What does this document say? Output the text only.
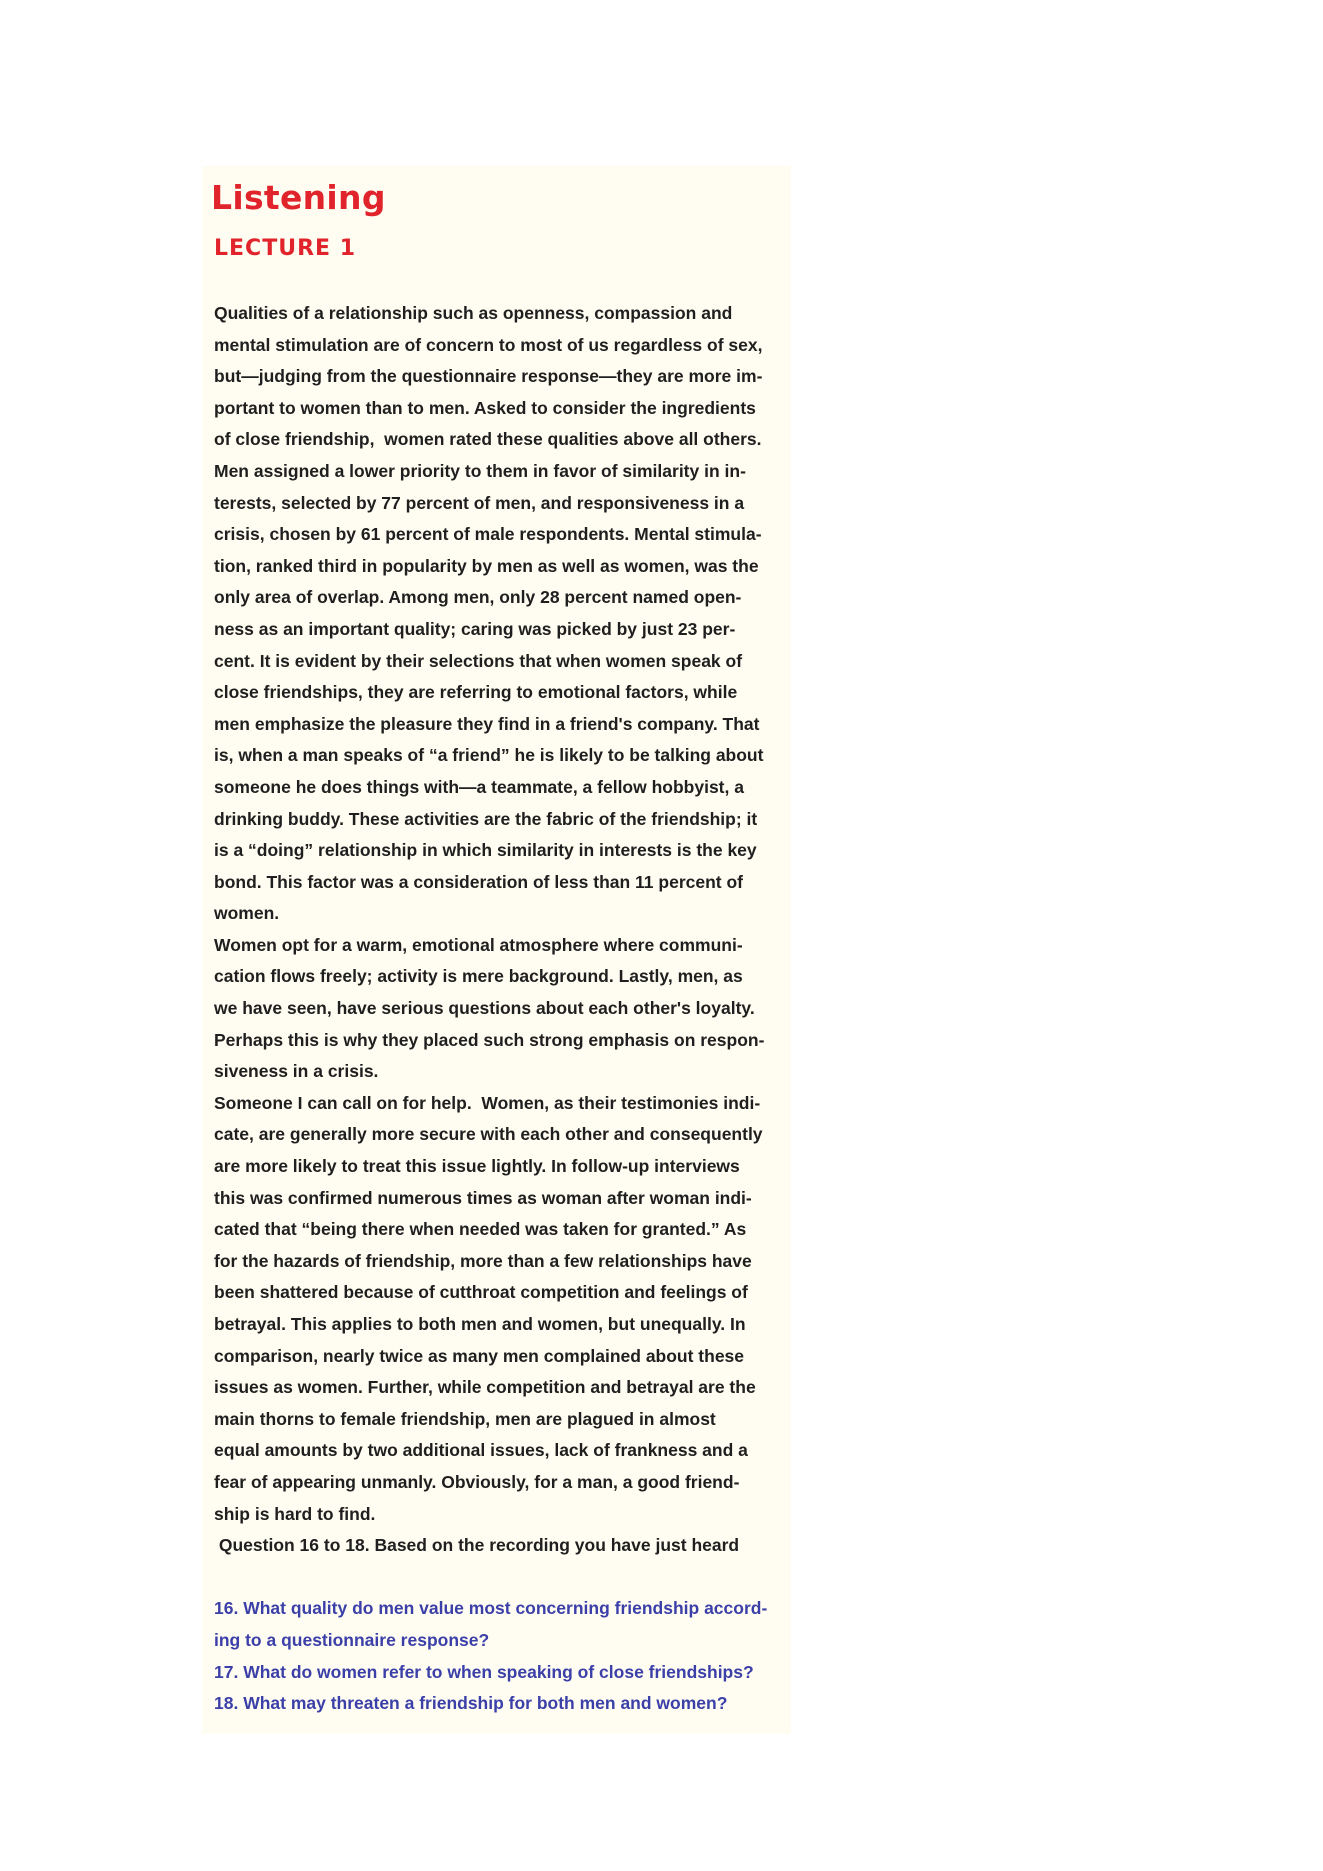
Listening
LECTURE 1
Qualities of a relationship such as openness, compassion and
mental stimulation are of concern to most of us regardless of sex,
but—judging from the questionnaire response—they are more im-
portant to women than to men. Asked to consider the ingredients
of close friendship,  women rated these qualities above all others.
Men assigned a lower priority to them in favor of similarity in in-
terests, selected by 77 percent of men, and responsiveness in a
crisis, chosen by 61 percent of male respondents. Mental stimula-
tion, ranked third in popularity by men as well as women, was the
only area of overlap. Among men, only 28 percent named open-
ness as an important quality; caring was picked by just 23 per-
cent. It is evident by their selections that when women speak of
close friendships, they are referring to emotional factors, while
men emphasize the pleasure they find in a friend's company. That
is, when a man speaks of “a friend” he is likely to be talking about
someone he does things with—a teammate, a fellow hobbyist, a
drinking buddy. These activities are the fabric of the friendship; it
is a “doing” relationship in which similarity in interests is the key
bond. This factor was a consideration of less than 11 percent of
women.
Women opt for a warm, emotional atmosphere where communi-
cation flows freely; activity is mere background. Lastly, men, as
we have seen, have serious questions about each other's loyalty.
Perhaps this is why they placed such strong emphasis on respon-
siveness in a crisis.
Someone I can call on for help.  Women, as their testimonies indi-
cate, are generally more secure with each other and consequently
are more likely to treat this issue lightly. In follow-up interviews
this was confirmed numerous times as woman after woman indi-
cated that “being there when needed was taken for granted.” As
for the hazards of friendship, more than a few relationships have
been shattered because of cutthroat competition and feelings of
betrayal. This applies to both men and women, but unequally. In
comparison, nearly twice as many men complained about these
issues as women. Further, while competition and betrayal are the
main thorns to female friendship, men are plagued in almost
equal amounts by two additional issues, lack of frankness and a
fear of appearing unmanly. Obviously, for a man, a good friend-
ship is hard to find.
Question 16 to 18. Based on the recording you have just heard
16. What quality do men value most concerning friendship accord-
ing to a questionnaire response?
17. What do women refer to when speaking of close friendships?
18. What may threaten a friendship for both men and women?
